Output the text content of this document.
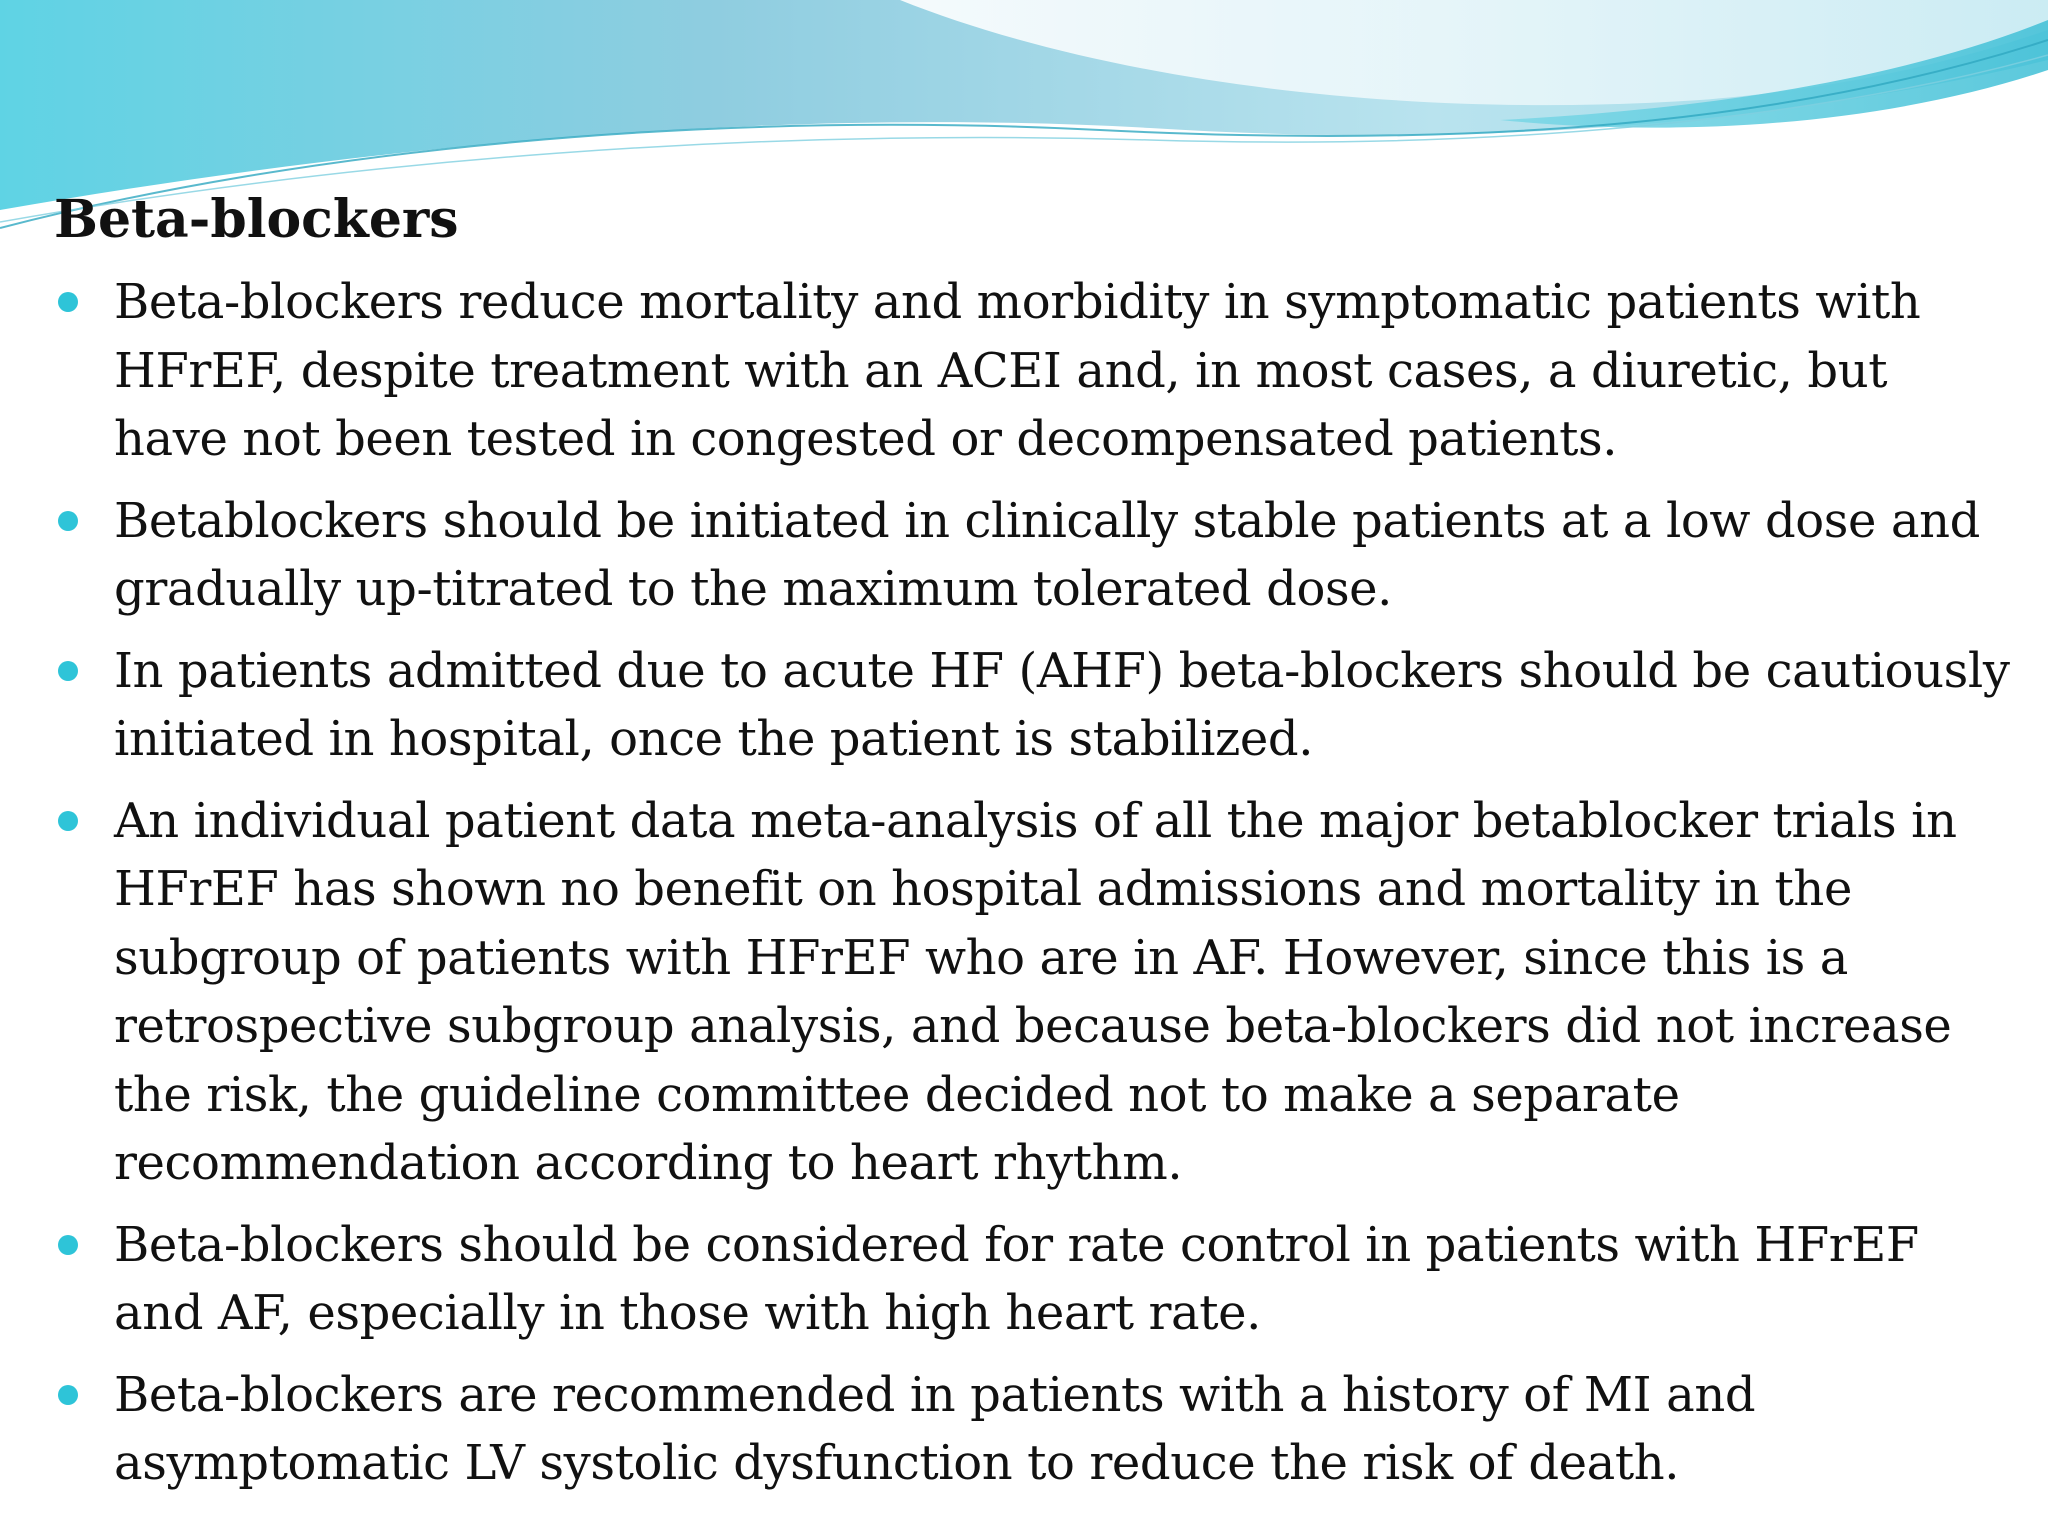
Beta-blockers
Beta-blockers reduce mortality and morbidity in symptomatic patients with HFrEF, despite treatment with an ACEI and, in most cases, a diuretic, but have not been tested in congested or decompensated patients.
Betablockers should be initiated in clinically stable patients at a low dose and gradually up-titrated to the maximum tolerated dose.
In patients admitted due to acute HF (AHF) beta-blockers should be cautiously initiated in hospital, once the patient is stabilized.
An individual patient data meta-analysis of all the major betablocker trials in HFrEF has shown no benefit on hospital admissions and mortality in the subgroup of patients with HFrEF who are in AF. However, since this is a retrospective subgroup analysis, and because beta-blockers did not increase the risk, the guideline committee decided not to make a separate recommendation according to heart rhythm.
Beta-blockers should be considered for rate control in patients with HFrEF and AF, especially in those with high heart rate.
Beta-blockers are recommended in patients with a history of MI and asymptomatic LV systolic dysfunction to reduce the risk of death.
